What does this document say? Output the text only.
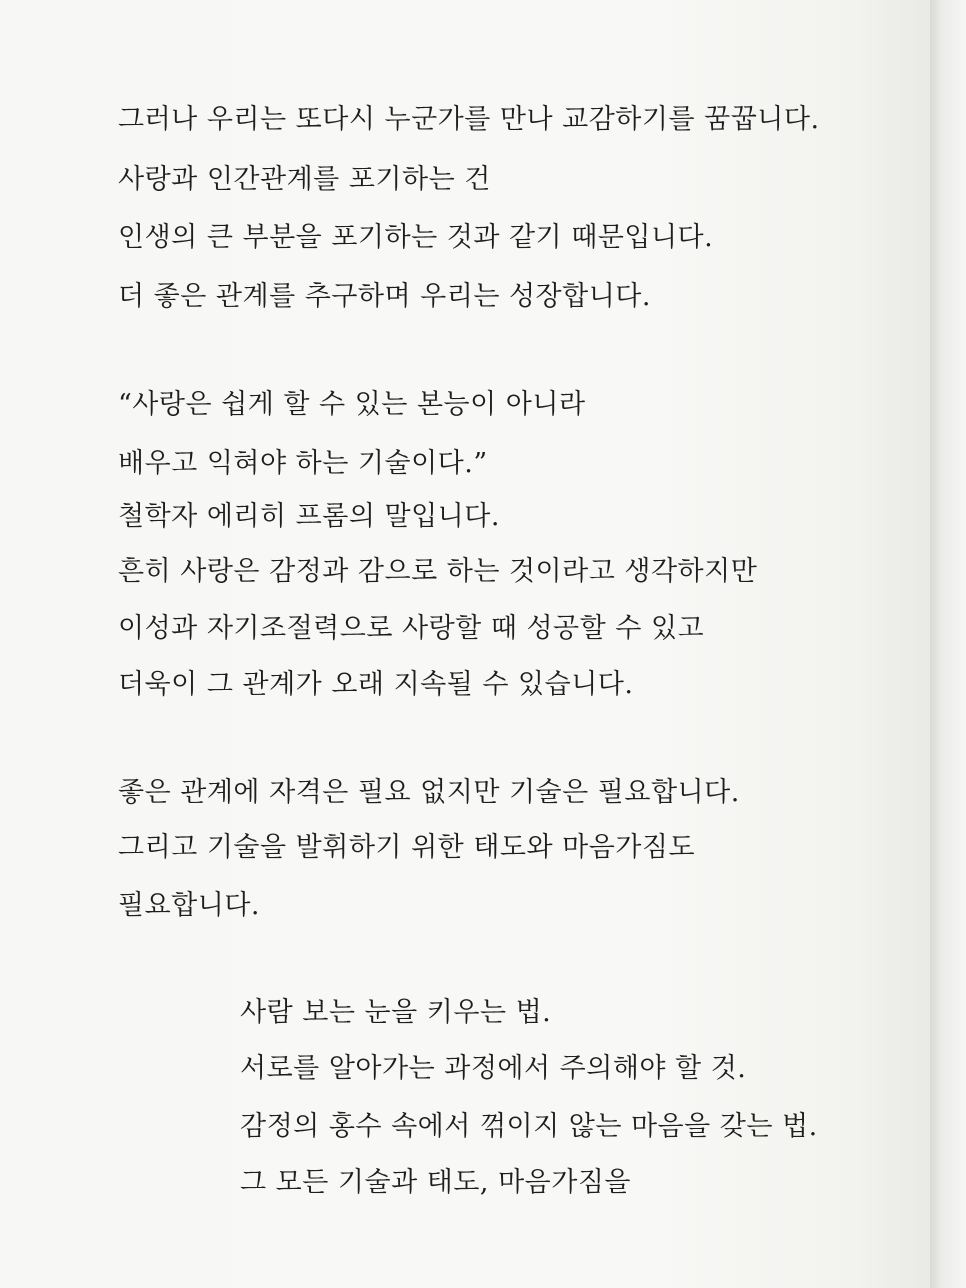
그러나 우리는 또다시 누군가를 만나 교감하기를 꿈꿉니다.
사랑과 인간관계를 포기하는 건
인생의 큰 부분을 포기하는 것과 같기 때문입니다.
더 좋은 관계를 추구하며 우리는 성장합니다.
“사랑은 쉽게 할 수 있는 본능이 아니라
배우고 익혀야 하는 기술이다.”
철학자 에리히 프롬의 말입니다.
흔히 사랑은 감정과 감으로 하는 것이라고 생각하지만
이성과 자기조절력으로 사랑할 때 성공할 수 있고
더욱이 그 관계가 오래 지속될 수 있습니다.
좋은 관계에 자격은 필요 없지만 기술은 필요합니다.
그리고 기술을 발휘하기 위한 태도와 마음가짐도
필요합니다.
사람 보는 눈을 키우는 법.
서로를 알아가는 과정에서 주의해야 할 것.
감정의 홍수 속에서 꺾이지 않는 마음을 갖는 법.
그 모든 기술과 태도, 마음가짐을
